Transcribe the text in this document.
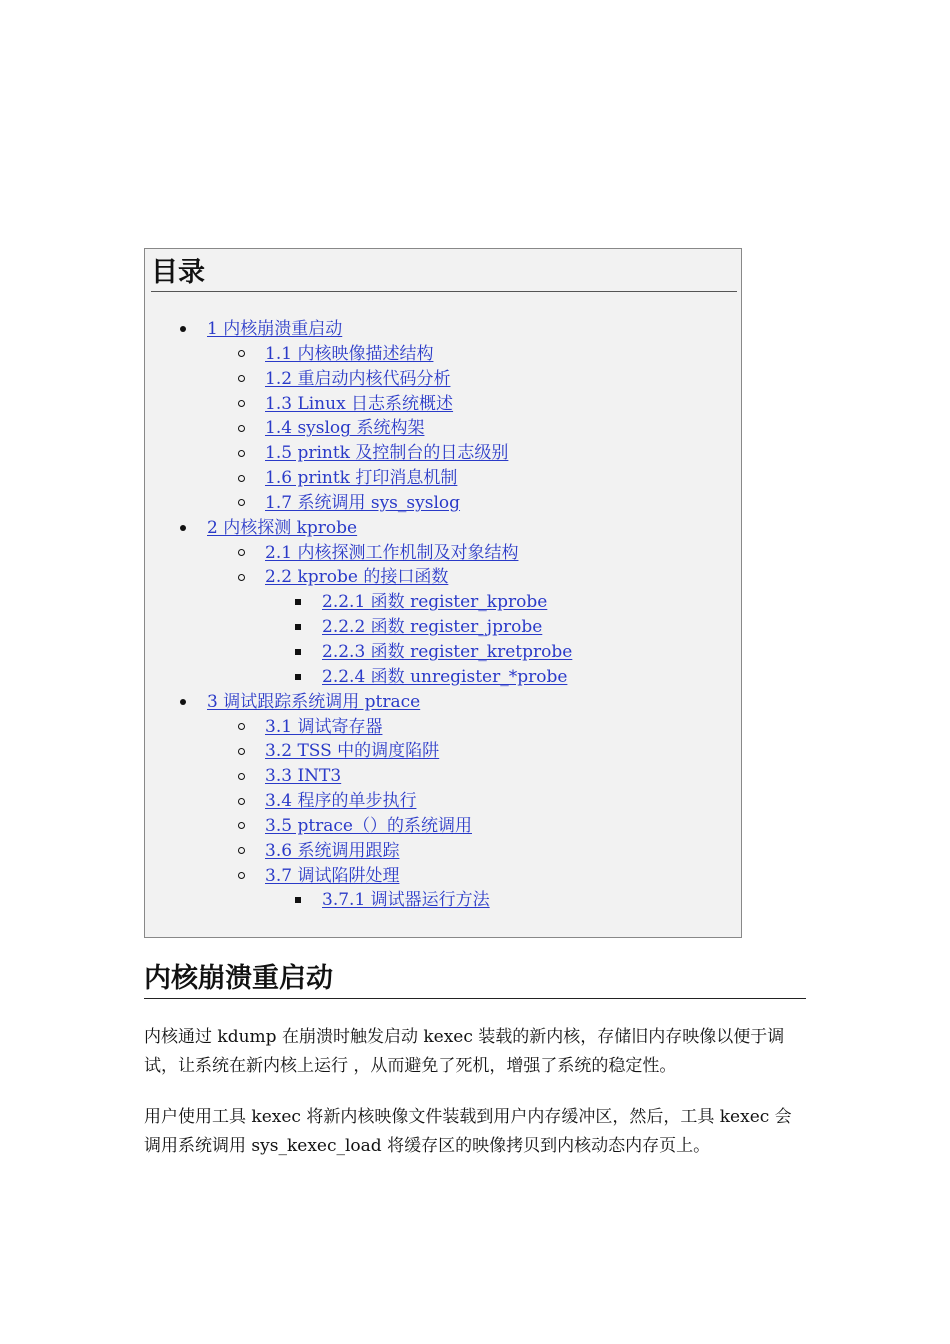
目录
1 内核崩溃重启动
1.1 内核映像描述结构
1.2 重启动内核代码分析
1.3 Linux 日志系统概述
1.4 syslog 系统构架
1.5 printk 及控制台的日志级别
1.6 printk 打印消息机制
1.7 系统调用 sys_syslog
2 内核探测 kprobe
2.1 内核探测工作机制及对象结构
2.2 kprobe 的接口函数
2.2.1 函数 register_kprobe
2.2.2 函数 register_jprobe
2.2.3 函数 register_kretprobe
2.2.4 函数 unregister_*probe
3 调试跟踪系统调用 ptrace
3.1 调试寄存器
3.2 TSS 中的调度陷阱
3.3 INT3
3.4 程序的单步执行
3.5 ptrace（）的系统调用
3.6 系统调用跟踪
3.7 调试陷阱处理
3.7.1 调试器运行方法
内核崩溃重启动

内核通过 kdump 在崩溃时触发启动 kexec 装载的新内核，存储旧内存映像以便于调试，让系统在新内核上运行 ，从而避免了死机，增强了系统的稳定性。

用户使用工具 kexec 将新内核映像文件装载到用户内存缓冲区，然后，工具 kexec 会调用系统调用 sys_kexec_load 将缓存区的映像拷贝到内核动态内存页上。
